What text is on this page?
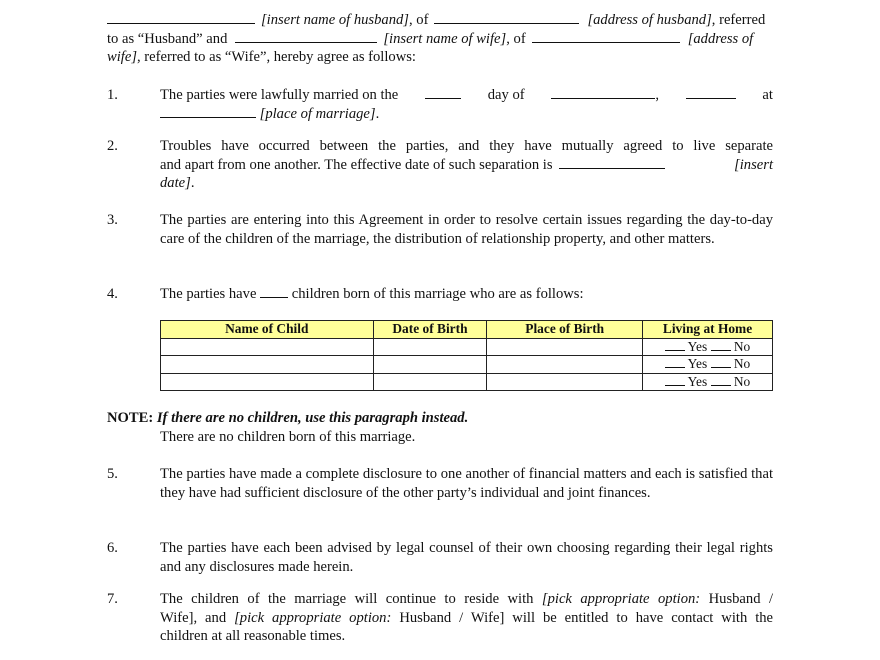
[insert name of husband] , of	[address of husband] , referred
to as “Husband” and	[insert name of wife] , of	[address of
wife], referred to as “Wife”, hereby agree as follows:
1.	The parties were lawfully married on the	day of	,	at
[place of marriage].
2.	Troubles have occurred between the parties, and they have mutually agreed to live separate
and apart from one another. The effective date of such separation is	[insert
date].
3.	The parties are entering into this Agreement in order to resolve certain issues regarding the day-to-day care of the children of the marriage, the distribution of relationship property, and other matters.
4.	The parties have children born of this marriage who are as follows:
Name of Child	Date of Birth	Place of Birth	Living at Home
			Yes No
			Yes No
			Yes No
NOTE: If there are no children, use this paragraph instead.
There are no children born of this marriage.
5.	The parties have made a complete disclosure to one another of financial matters and each is satisfied that they have had sufficient disclosure of the other party’s individual and joint finances.
6.	The parties have each been advised by legal counsel of their own choosing regarding their legal rights and any disclosures made herein.
7.	The children of the marriage will continue to reside with [pick appropriate option: Husband /
Wife], and [pick appropriate option: Husband / Wife] will be entitled to have contact with the
children at all reasonable times.
